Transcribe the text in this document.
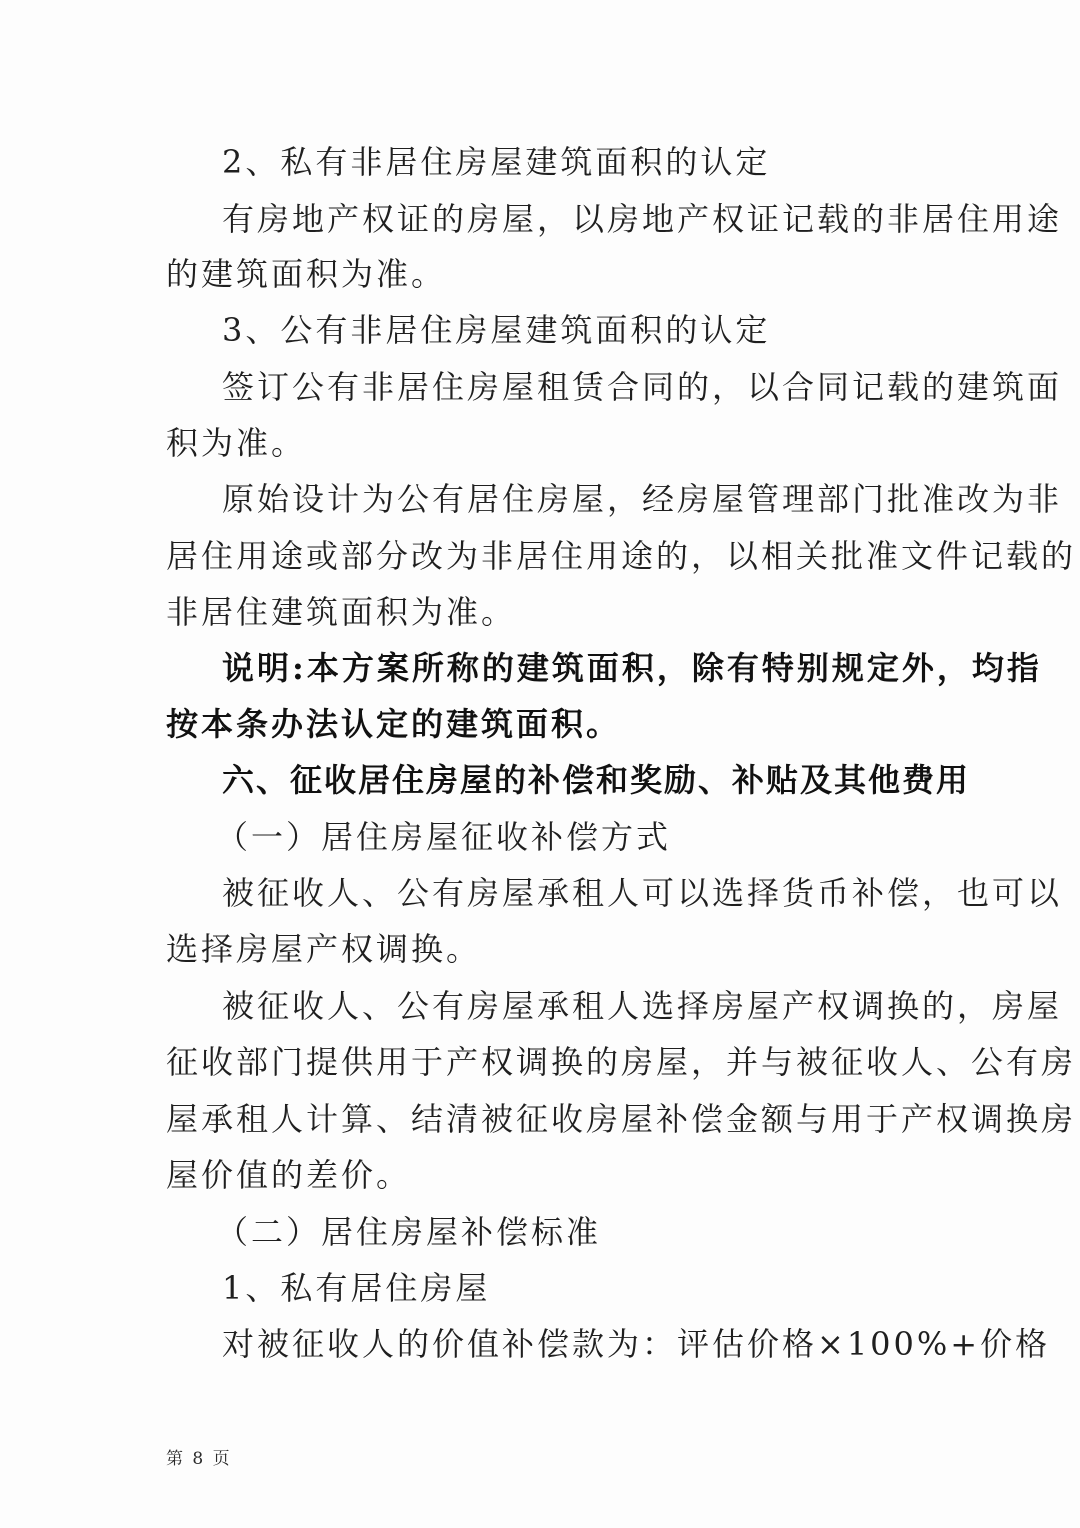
2、私有非居住房屋建筑面积的认定
有房地产权证的房屋，以房地产权证记载的非居住用途
的建筑面积为准。
3、公有非居住房屋建筑面积的认定
签订公有非居住房屋租赁合同的，以合同记载的建筑面
积为准。
原始设计为公有居住房屋，经房屋管理部门批准改为非
居住用途或部分改为非居住用途的，以相关批准文件记载的
非居住建筑面积为准。
说明:本方案所称的建筑面积，除有特别规定外，均指
按本条办法认定的建筑面积。
六、征收居住房屋的补偿和奖励、补贴及其他费用
（一）居住房屋征收补偿方式
被征收人、公有房屋承租人可以选择货币补偿，也可以
选择房屋产权调换。
被征收人、公有房屋承租人选择房屋产权调换的，房屋
征收部门提供用于产权调换的房屋，并与被征收人、公有房
屋承租人计算、结清被征收房屋补偿金额与用于产权调换房
屋价值的差价。
（二）居住房屋补偿标准
1、私有居住房屋
对被征收人的价值补偿款为：评估价格×100%+价格
第 8 页
